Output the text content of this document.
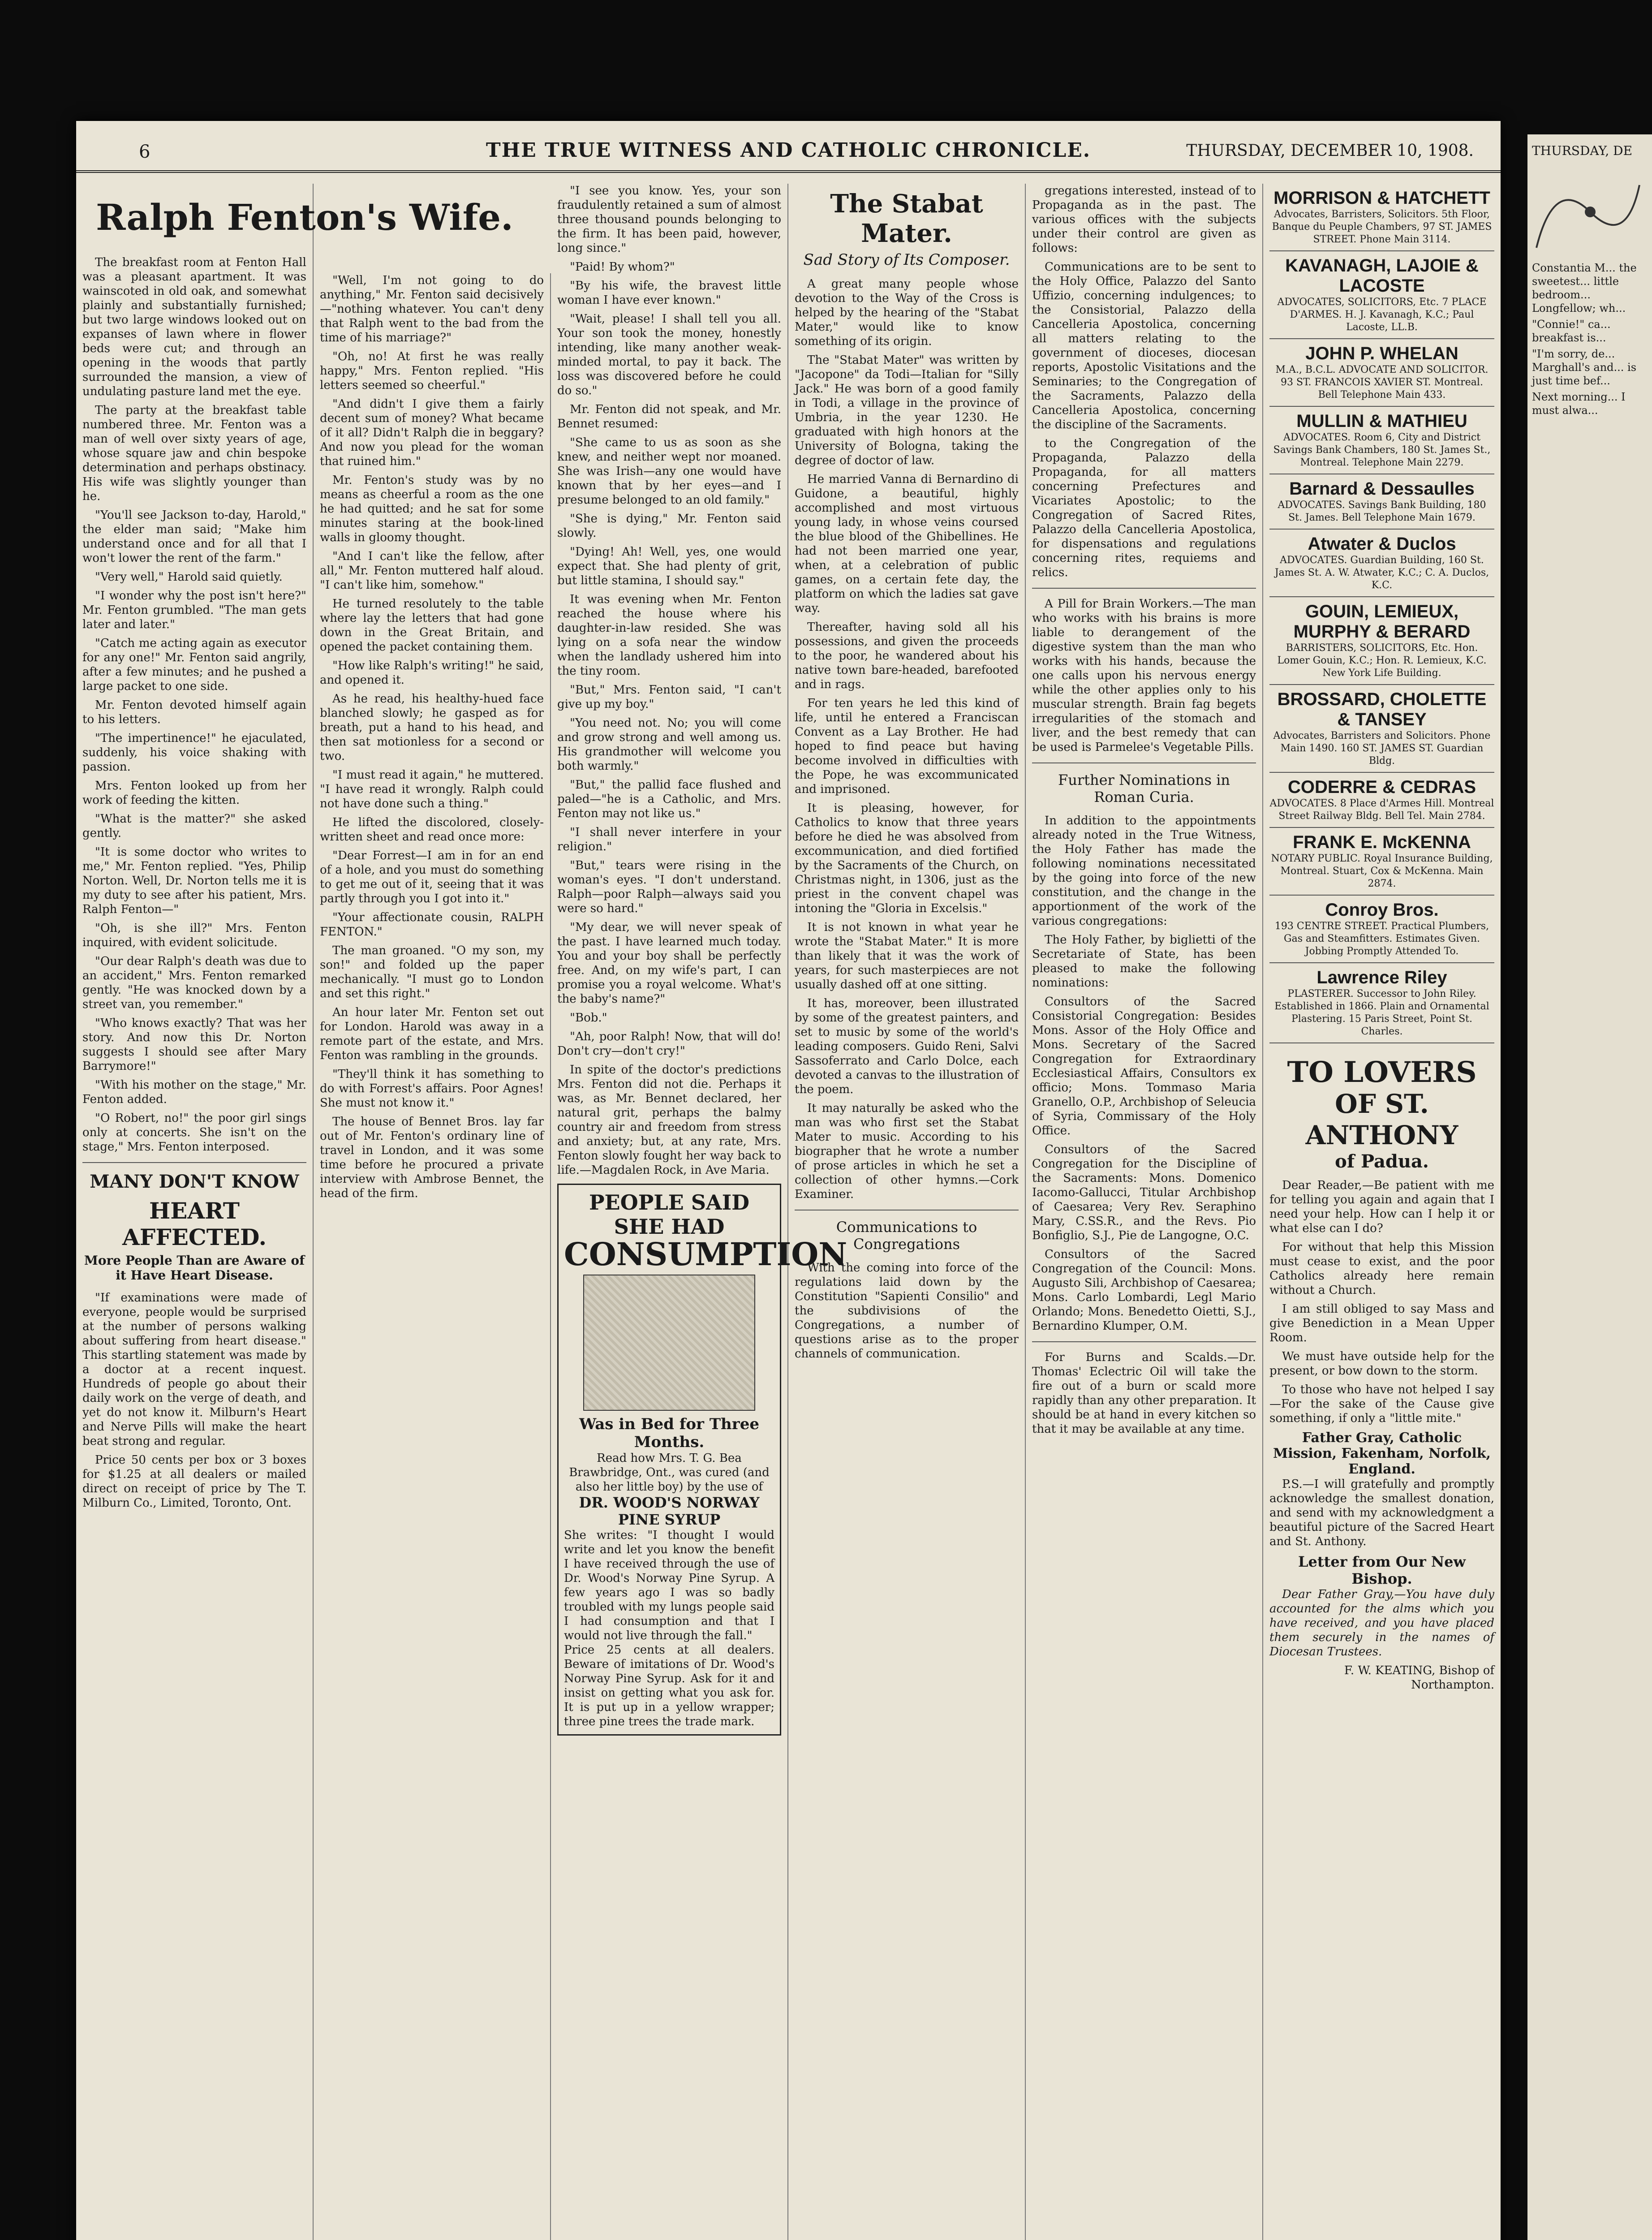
6	THE TRUE WITNESS AND CATHOLIC CHRONICLE.	THURSDAY, DECEMBER 10, 1908.
Ralph Fenton's Wife.

The breakfast room at Fenton Hall was a pleasant apartment. It was wainscoted in old oak, and somewhat plainly and substantially furnished; but two large windows looked out on expanses of lawn where in flower beds were cut; and through an opening in the woods that partly surrounded the mansion, a view of undulating pasture land met the eye.

The party at the breakfast table numbered three. Mr. Fenton was a man of well over sixty years of age, whose square jaw and chin bespoke determination and perhaps obstinacy. His wife was slightly younger than he.

"You'll see Jackson to-day, Harold," the elder man said; "Make him understand once and for all that I won't lower the rent of the farm."

"Very well," Harold said quietly.

"I wonder why the post isn't here?" Mr. Fenton grumbled. "The man gets later and later."

"Catch me acting again as executor for any one!" Mr. Fenton said angrily, after a few minutes; and he pushed a large packet to one side.

Mr. Fenton devoted himself again to his letters.

"The impertinence!" he ejaculated, suddenly, his voice shaking with passion.

Mrs. Fenton looked up from her work of feeding the kitten.

"What is the matter?" she asked gently.

"It is some doctor who writes to me," Mr. Fenton replied. "Yes, Philip Norton. Well, Dr. Norton tells me it is my duty to see after his patient, Mrs. Ralph Fenton—"

"Oh, is she ill?" Mrs. Fenton inquired, with evident solicitude.

"Our dear Ralph's death was due to an accident," Mrs. Fenton remarked gently. "He was knocked down by a street van, you remember."

"Who knows exactly? That was her story. And now this Dr. Norton suggests I should see after Mary Barrymore!"

"With his mother on the stage," Mr. Fenton added.

"O Robert, no!" the poor girl sings only at concerts. She isn't on the stage," Mrs. Fenton interposed.

MANY DON'T KNOW
HEART AFFECTED.
More People Than are Aware of it Have Heart Disease.

"If examinations were made of everyone, people would be surprised at the number of persons walking about suffering from heart disease." This startling statement was made by a doctor at a recent inquest. Hundreds of people go about their daily work on the verge of death, and yet do not know it. Milburn's Heart and Nerve Pills will make the heart beat strong and regular.

Price 50 cents per box or 3 boxes for $1.25 at all dealers or mailed direct on receipt of price by The T. Milburn Co., Limited, Toronto, Ont.

"Well, I'm not going to do anything," Mr. Fenton said decisively—"nothing whatever. You can't deny that Ralph went to the bad from the time of his marriage?"

"Oh, no! At first he was really happy," Mrs. Fenton replied. "His letters seemed so cheerful."

"And didn't I give them a fairly decent sum of money? What became of it all? Didn't Ralph die in beggary? And now you plead for the woman that ruined him."

Mr. Fenton's study was by no means as cheerful a room as the one he had quitted; and he sat for some minutes staring at the book-lined walls in gloomy thought.

"And I can't like the fellow, after all," Mr. Fenton muttered half aloud. "I can't like him, somehow."

He turned resolutely to the table where lay the letters that had gone down in the Great Britain, and opened the packet containing them.

"How like Ralph's writing!" he said, and opened it.

As he read, his healthy-hued face blanched slowly; he gasped as for breath, put a hand to his head, and then sat motionless for a second or two.

"I must read it again," he muttered. "I have read it wrongly. Ralph could not have done such a thing."

He lifted the discolored, closely-written sheet and read once more:

"Dear Forrest—I am in for an end of a hole, and you must do something to get me out of it, seeing that it was partly through you I got into it."

"Your affectionate cousin, RALPH FENTON."

The man groaned. "O my son, my son!" and folded up the paper mechanically. "I must go to London and set this right."

An hour later Mr. Fenton set out for London. Harold was away in a remote part of the estate, and Mrs. Fenton was rambling in the grounds.

"They'll think it has something to do with Forrest's affairs. Poor Agnes! She must not know it."

The house of Bennet Bros. lay far out of Mr. Fenton's ordinary line of travel in London, and it was some time before he procured a private interview with Ambrose Bennet, the head of the firm.

"I see you know. Yes, your son fraudulently retained a sum of almost three thousand pounds belonging to the firm. It has been paid, however, long since."

"Paid! By whom?"

"By his wife, the bravest little woman I have ever known."

"Wait, please! I shall tell you all. Your son took the money, honestly intending, like many another weak-minded mortal, to pay it back. The loss was discovered before he could do so."

Mr. Fenton did not speak, and Mr. Bennet resumed:

"She came to us as soon as she knew, and neither wept nor moaned. She was Irish—any one would have known that by her eyes—and I presume belonged to an old family."

"She is dying," Mr. Fenton said slowly.

"Dying! Ah! Well, yes, one would expect that. She had plenty of grit, but little stamina, I should say."

It was evening when Mr. Fenton reached the house where his daughter-in-law resided. She was lying on a sofa near the window when the landlady ushered him into the tiny room.

"But," Mrs. Fenton said, "I can't give up my boy."

"You need not. No; you will come and grow strong and well among us. His grandmother will welcome you both warmly."

"But," the pallid face flushed and paled—"he is a Catholic, and Mrs. Fenton may not like us."

"I shall never interfere in your religion."

"But," tears were rising in the woman's eyes. "I don't understand. Ralph—poor Ralph—always said you were so hard."

"My dear, we will never speak of the past. I have learned much today. You and your boy shall be perfectly free. And, on my wife's part, I can promise you a royal welcome. What's the baby's name?"

"Bob."

"Ah, poor Ralph! Now, that will do! Don't cry—don't cry!"

In spite of the doctor's predictions Mrs. Fenton did not die. Perhaps it was, as Mr. Bennet declared, her natural grit, perhaps the balmy country air and freedom from stress and anxiety; but, at any rate, Mrs. Fenton slowly fought her way back to life.—Magdalen Rock, in Ave Maria.

PEOPLE SAID SHE HAD
CONSUMPTION
Was in Bed for Three Months.
Read how Mrs. T. G. Bea Brawbridge, Ont., was cured (and also her little boy) by the use of
DR. WOOD'S NORWAY PINE SYRUP
She writes: "I thought I would write and let you know the benefit I have received through the use of Dr. Wood's Norway Pine Syrup. A few years ago I was so badly troubled with my lungs people said I had consumption and that I would not live through the fall."
Price 25 cents at all dealers. Beware of imitations of Dr. Wood's Norway Pine Syrup. Ask for it and insist on getting what you ask for. It is put up in a yellow wrapper; three pine trees the trade mark.
The Stabat Mater.
Sad Story of Its Composer.

A great many people whose devotion to the Way of the Cross is helped by the hearing of the "Stabat Mater," would like to know something of its origin.

The "Stabat Mater" was written by "Jacopone" da Todi—Italian for "Silly Jack." He was born of a good family in Todi, a village in the province of Umbria, in the year 1230. He graduated with high honors at the University of Bologna, taking the degree of doctor of law.

He married Vanna di Bernardino di Guidone, a beautiful, highly accomplished and most virtuous young lady, in whose veins coursed the blue blood of the Ghibellines. He had not been married one year, when, at a celebration of public games, on a certain fete day, the platform on which the ladies sat gave way.

Thereafter, having sold all his possessions, and given the proceeds to the poor, he wandered about his native town bare-headed, barefooted and in rags.

For ten years he led this kind of life, until he entered a Franciscan Convent as a Lay Brother. He had hoped to find peace but having become involved in difficulties with the Pope, he was excommunicated and imprisoned.

It is pleasing, however, for Catholics to know that three years before he died he was absolved from excommunication, and died fortified by the Sacraments of the Church, on Christmas night, in 1306, just as the priest in the convent chapel was intoning the "Gloria in Excelsis."

It is not known in what year he wrote the "Stabat Mater." It is more than likely that it was the work of years, for such masterpieces are not usually dashed off at one sitting.

It has, moreover, been illustrated by some of the greatest painters, and set to music by some of the world's leading composers. Guido Reni, Salvi Sassoferrato and Carlo Dolce, each devoted a canvas to the illustration of the poem.

It may naturally be asked who the man was who first set the Stabat Mater to music. According to his biographer that he wrote a number of prose articles in which he set a collection of other hymns.—Cork Examiner.

Communications to Congregations

With the coming into force of the regulations laid down by the Constitution "Sapienti Consilio" and the subdivisions of the Congregations, a number of questions arise as to the proper channels of communication.

gregations interested, instead of to Propaganda as in the past. The various offices with the subjects under their control are given as follows:

Communications are to be sent to the Holy Office, Palazzo del Santo Uffizio, concerning indulgences; to the Consistorial, Palazzo della Cancelleria Apostolica, concerning all matters relating to the government of dioceses, diocesan reports, Apostolic Visitations and the Seminaries; to the Congregation of the Sacraments, Palazzo della Cancelleria Apostolica, concerning the discipline of the Sacraments.

to the Congregation of the Propaganda, Palazzo della Propaganda, for all matters concerning Prefectures and Vicariates Apostolic; to the Congregation of Sacred Rites, Palazzo della Cancelleria Apostolica, for dispensations and regulations concerning rites, requiems and relics.

A Pill for Brain Workers.—The man who works with his brains is more liable to derangement of the digestive system than the man who works with his hands, because the one calls upon his nervous energy while the other applies only to his muscular strength. Brain fag begets irregularities of the stomach and liver, and the best remedy that can be used is Parmelee's Vegetable Pills.

Further Nominations in Roman Curia.

In addition to the appointments already noted in the True Witness, the Holy Father has made the following nominations necessitated by the going into force of the new constitution, and the change in the apportionment of the work of the various congregations:

The Holy Father, by biglietti of the Secretariate of State, has been pleased to make the following nominations:

Consultors of the Sacred Consistorial Congregation: Besides Mons. Assor of the Holy Office and Mons. Secretary of the Sacred Congregation for Extraordinary Ecclesiastical Affairs, Consultors ex officio; Mons. Tommaso Maria Granello, O.P., Archbishop of Seleucia of Syria, Commissary of the Holy Office.

Consultors of the Sacred Congregation for the Discipline of the Sacraments: Mons. Domenico Iacomo-Gallucci, Titular Archbishop of Caesarea; Very Rev. Seraphino Mary, C.SS.R., and the Revs. Pio Bonfiglio, S.J., Pie de Langogne, O.C.

Consultors of the Sacred Congregation of the Council: Mons. Augusto Sili, Archbishop of Caesarea; Mons. Carlo Lombardi, Legl Mario Orlando; Mons. Benedetto Oietti, S.J., Bernardino Klumper, O.M.

For Burns and Scalds.—Dr. Thomas' Eclectric Oil will take the fire out of a burn or scald more rapidly than any other preparation. It should be at hand in every kitchen so that it may be available at any time.

MORRISON & HATCHETT
Advocates, Barristers, Solicitors. 5th Floor, Banque du Peuple Chambers, 97 ST. JAMES STREET. Phone Main 3114.
KAVANAGH, LAJOIE & LACOSTE
ADVOCATES, SOLICITORS, Etc. 7 PLACE D'ARMES. H. J. Kavanagh, K.C.; Paul Lacoste, LL.B.
JOHN P. WHELAN
M.A., B.C.L. ADVOCATE AND SOLICITOR. 93 ST. FRANCOIS XAVIER ST. Montreal. Bell Telephone Main 433.
MULLIN & MATHIEU
ADVOCATES. Room 6, City and District Savings Bank Chambers, 180 St. James St., Montreal. Telephone Main 2279.
Barnard & Dessaulles
ADVOCATES. Savings Bank Building, 180 St. James. Bell Telephone Main 1679.
Atwater & Duclos
ADVOCATES. Guardian Building, 160 St. James St. A. W. Atwater, K.C.; C. A. Duclos, K.C.
GOUIN, LEMIEUX, MURPHY & BERARD
BARRISTERS, SOLICITORS, Etc. Hon. Lomer Gouin, K.C.; Hon. R. Lemieux, K.C. New York Life Building.
BROSSARD, CHOLETTE & TANSEY
Advocates, Barristers and Solicitors. Phone Main 1490. 160 ST. JAMES ST. Guardian Bldg.
CODERRE & CEDRAS
ADVOCATES. 8 Place d'Armes Hill. Montreal Street Railway Bldg. Bell Tel. Main 2784.
FRANK E. McKENNA
NOTARY PUBLIC. Royal Insurance Building, Montreal. Stuart, Cox & McKenna. Main 2874.
Conroy Bros.
193 CENTRE STREET. Practical Plumbers, Gas and Steamfitters. Estimates Given. Jobbing Promptly Attended To.
Lawrence Riley
PLASTERER. Successor to John Riley. Established in 1866. Plain and Ornamental Plastering. 15 Paris Street, Point St. Charles.
TO LOVERS
OF ST. ANTHONY
of Padua.

Dear Reader,—Be patient with me for telling you again and again that I need your help. How can I help it or what else can I do?

For without that help this Mission must cease to exist, and the poor Catholics already here remain without a Church.

I am still obliged to say Mass and give Benediction in a Mean Upper Room.

We must have outside help for the present, or bow down to the storm.

To those who have not helped I say—For the sake of the Cause give something, if only a "little mite."

Father Gray, Catholic Mission, Fakenham, Norfolk, England.

P.S.—I will gratefully and promptly acknowledge the smallest donation, and send with my acknowledgment a beautiful picture of the Sacred Heart and St. Anthony.

Letter from Our New Bishop.

Dear Father Gray,—You have duly accounted for the alms which you have received, and you have placed them securely in the names of Diocesan Trustees.

F. W. KEATING, Bishop of Northampton.

THURSDAY, DE

Constantia M... the sweetest... little bedroom... Longfellow; wh...

"Connie!" ca... breakfast is...

"I'm sorry, de... Marghall's and... is just time bef...

Next morning... I must alwa...
